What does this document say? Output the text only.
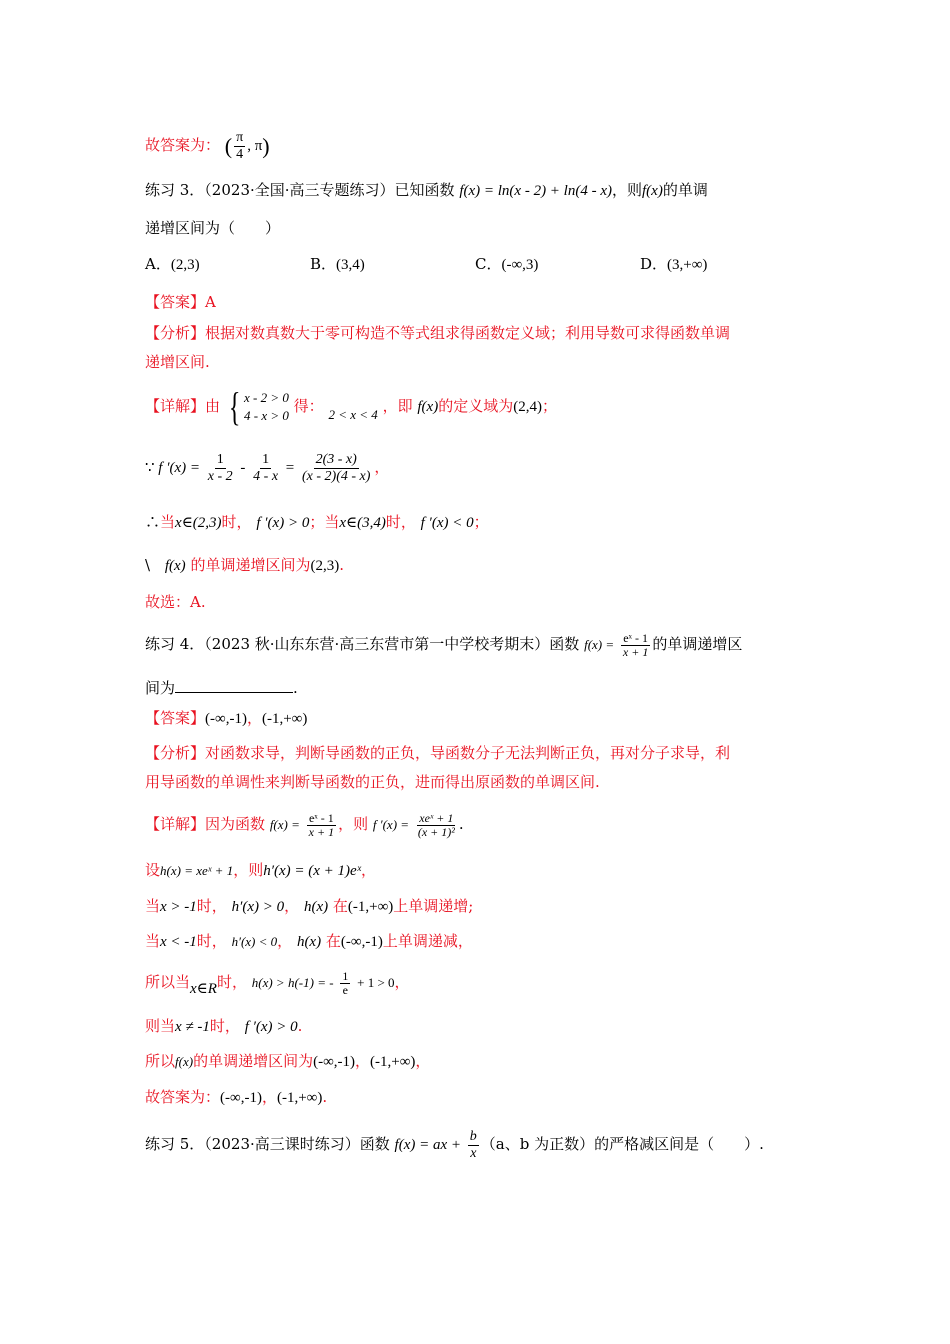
故答案为： ( $\frac{\pi}{4}$ , π)
练习 3．（2023·全国·高三专题练习）已知函数 f(x) = ln(x - 2) + ln(4 - x)，则f(x)的单调
递增区间为（　　）
A．(2,3)	B．(3,4)	C．(-∞,3)	D．(3,+∞)
【答案】A
【分析】根据对数真数大于零可构造不等式组求得函数定义域；利用导数可求得函数单调
递增区间.
【详解】由 { x - 2 > 0
4 - x > 0
得： 2 < x < 4 ，即 f(x)的定义域为(2,4)；
∵ f $'(x) = \frac{1}{x - 2} - \frac{1}{4 - x} = \frac{2(3 - x)}{(x - 2)(4 - x)}$ ，
∴当x∈(2,3)时， f ′(x) > 0；当x∈(3,4)时， f ′(x) < 0；
\ f(x) 的单调递增区间为(2,3).
故选：A.
练习 4．（2023 秋·山东东营·高三东营市第一中学校考期末）函数 $f(x) = \frac{\text{eˣ - 1}}{x + 1}$ 的单调递增区
间为	.
【答案】(-∞,-1)，(-1,+∞)
【分析】对函数求导，判断导函数的正负，导函数分子无法判断正负，再对分子求导，利
用导函数的单调性来判断导函数的正负，进而得出原函数的单调区间.
【详解】因为函数 $f(x) = \frac{\text{eˣ - 1}}{x + 1}$ ，则 f $'(x) = \frac{\text{xeˣ + 1}}{\text{(x + 1)²}}$ .
设h(x) = xeˣ + 1，则h′(x) = (x + 1)eˣ，
当x > -1时， h′(x) > 0， h(x) 在(-1,+∞)上单调递增;
当x < -1时， h′(x) < 0， h(x) 在(-∞,-1)上单调递减，
所以当x∈R时， h(x) > h(-1) = - $\frac{1}{e} + 1 > 0$，
则当x ≠ -1时， f ′(x) > 0.
所以f(x)的单调递增区间为(-∞,-1)，(-1,+∞)，
故答案为：(-∞,-1)，(-1,+∞).
练习 5．（2023·高三课时练习）函数 f(x) = ax + $\frac{b}{x} (a$、b 为正数）的严格减区间是（　　）.
